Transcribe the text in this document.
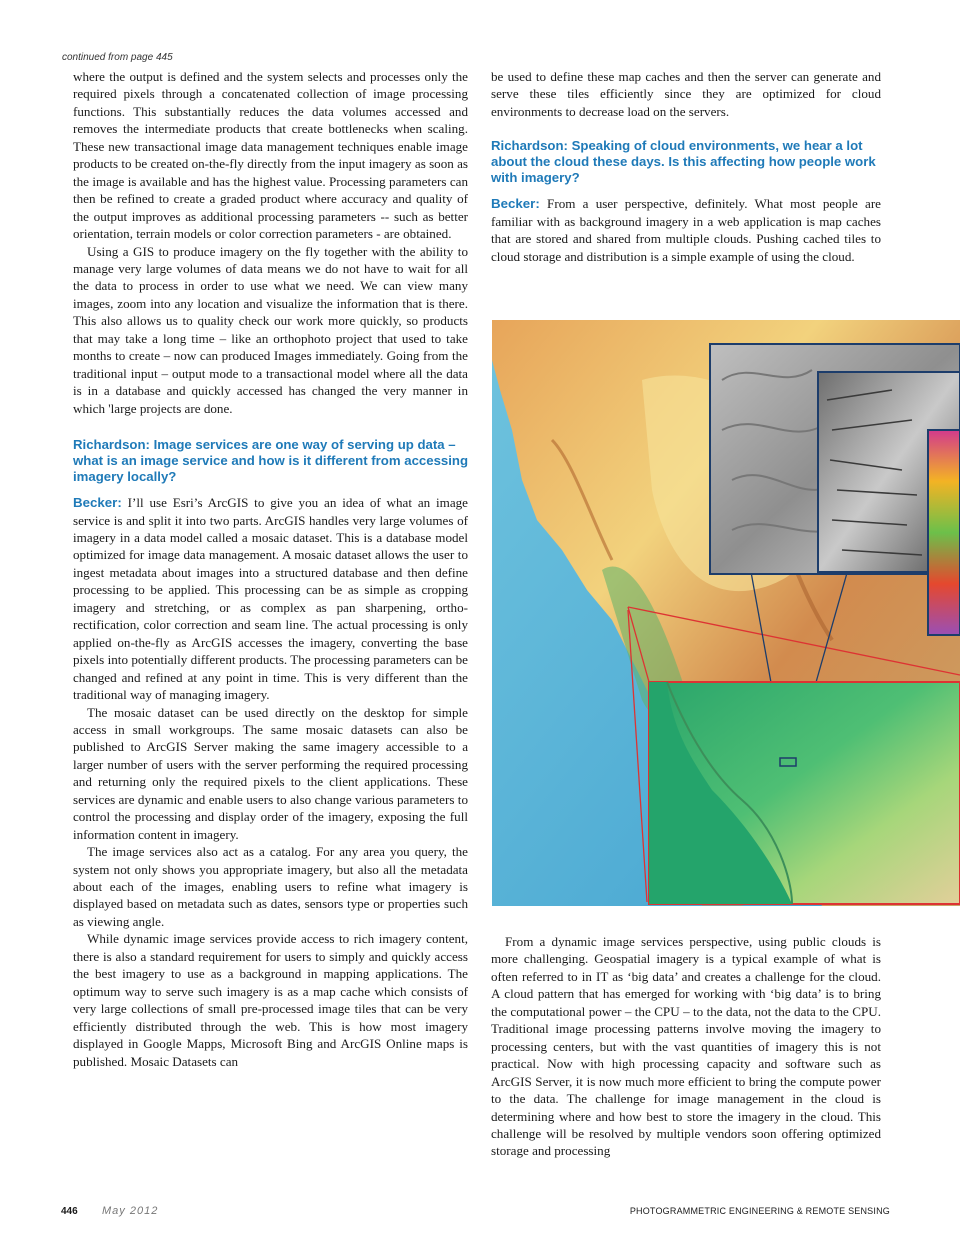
continued from page 445

where the output is defined and the system selects and processes only the required pixels through a concatenated collection of image processing functions. This substantially reduces the data volumes accessed and removes the intermediate products that create bottlenecks when scaling. These new transactional image data management techniques enable image products to be created on-the-fly directly from the input imagery as soon as the image is available and has the highest value. Processing parameters can then be refined to create a graded product where accuracy and quality of the output improves as additional processing parameters -- such as better orientation, terrain models or color correction parameters - are obtained.

Using a GIS to produce imagery on the fly together with the ability to manage very large volumes of data means we do not have to wait for all the data to process in order to use what we need. We can view many images, zoom into any location and visualize the information that is there. This also allows us to quality check our work more quickly, so products that may take a long time – like an orthophoto project that used to take months to create – now can produced Images immediately. Going from the traditional input – output mode to a transactional model where all the data is in a database and quickly accessed has changed the very manner in which 'large projects are done.

Richardson: Image services are one way of serving up data – what is an image service and how is it different from accessing imagery locally?

Becker: I’ll use Esri’s ArcGIS to give you an idea of what an image service is and split it into two parts. ArcGIS handles very large volumes of imagery in a data model called a mosaic dataset. This is a database model optimized for image data management. A mosaic dataset allows the user to ingest metadata about images into a structured database and then define processing to be applied. This processing can be as simple as cropping imagery and stretching, or as complex as pan sharpening, ortho-rectification, color correction and seam line. The actual processing is only applied on-the-fly as ArcGIS accesses the imagery, converting the base pixels into potentially different products. The processing parameters can be changed and refined at any point in time. This is very different than the traditional way of managing imagery.

The mosaic dataset can be used directly on the desktop for simple access in small workgroups. The same mosaic datasets can also be published to ArcGIS Server making the same imagery accessible to a larger number of users with the server performing the required processing and returning only the required pixels to the client applications. These services are dynamic and enable users to also change various parameters to control the processing and display order of the imagery, exposing the full information content in imagery.

The image services also act as a catalog. For any area you query, the system not only shows you appropriate imagery, but also all the metadata about each of the images, enabling users to refine what imagery is displayed based on metadata such as dates, sensors type or properties such as viewing angle.

While dynamic image services provide access to rich imagery content, there is also a standard requirement for users to simply and quickly access the best imagery to use as a background in mapping applications. The optimum way to serve such imagery is as a map cache which consists of very large collections of small pre-processed image tiles that can be very efficiently distributed through the web. This is how most imagery displayed in Google Mapps, Microsoft Bing and ArcGIS Online maps is published. Mosaic Datasets can

be used to define these map caches and then the server can generate and serve these tiles efficiently since they are optimized for cloud environments to decrease load on the servers.

Richardson: Speaking of cloud environments, we hear a lot about the cloud these days. Is this affecting how people work with imagery?

Becker: From a user perspective, definitely. What most people are familiar with as background imagery in a web application is map caches that are stored and shared from multiple clouds. Pushing cached tiles to cloud storage and distribution is a simple example of using the cloud.

From a dynamic image services perspective, using public clouds is more challenging. Geospatial imagery is a typical example of what is often referred to in IT as ‘big data’ and creates a challenge for the cloud. A cloud pattern that has emerged for working with ‘big data’ is to bring the computational power – the CPU – to the data, not the data to the CPU. Traditional image processing patterns involve moving the imagery to processing centers, but with the vast quantities of imagery this is not practical. Now with high processing capacity and software such as ArcGIS Server, it is now much more efficient to bring the compute power to the data. The challenge for image management in the cloud is determining where and how best to store the imagery in the cloud. This challenge will be resolved by multiple vendors soon offering optimized storage and processing

446 May 2012	PHOTOGRAMMETRIC ENGINEERING & REMOTE SENSING
